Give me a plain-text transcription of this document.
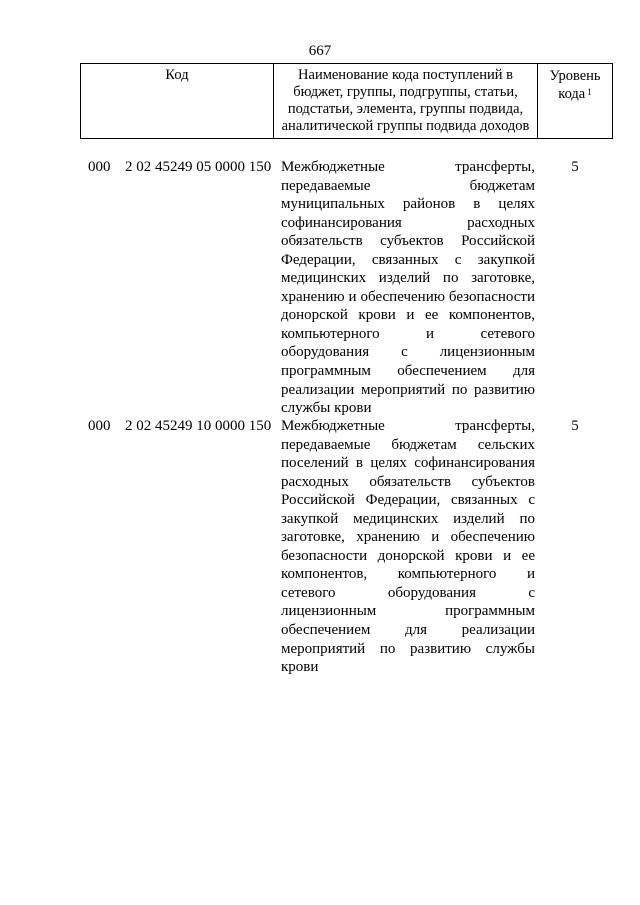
667
Код	Наименование кода поступлений в бюджет, группы, подгруппы, статьи, подстатьи, элемента, группы подвида, аналитической группы подвида доходов
Уровень кода $^1$
000 2 02 45249 05 0000 150 Межбюджетные трансферты, передаваемые бюджетам муниципальных районов в целях софинансирования расходных обязательств субъектов Российской Федерации, связанных с закупкой медицинских изделий по заготовке, хранению и обеспечению безопасности донорской крови и ее компонентов, компьютерного и сетевого оборудования с лицензионным программным обеспечением для реализации мероприятий по развитию службы крови
5
000 2 02 45249 10 0000 150 Межбюджетные трансферты, передаваемые бюджетам сельских поселений в целях софинансирования расходных обязательств субъектов Российской Федерации, связанных с закупкой медицинских изделий по заготовке, хранению и обеспечению безопасности донорской крови и ее компонентов, компьютерного и сетевого оборудования с лицензионным программным обеспечением для реализации мероприятий по развитию службы крови
5
